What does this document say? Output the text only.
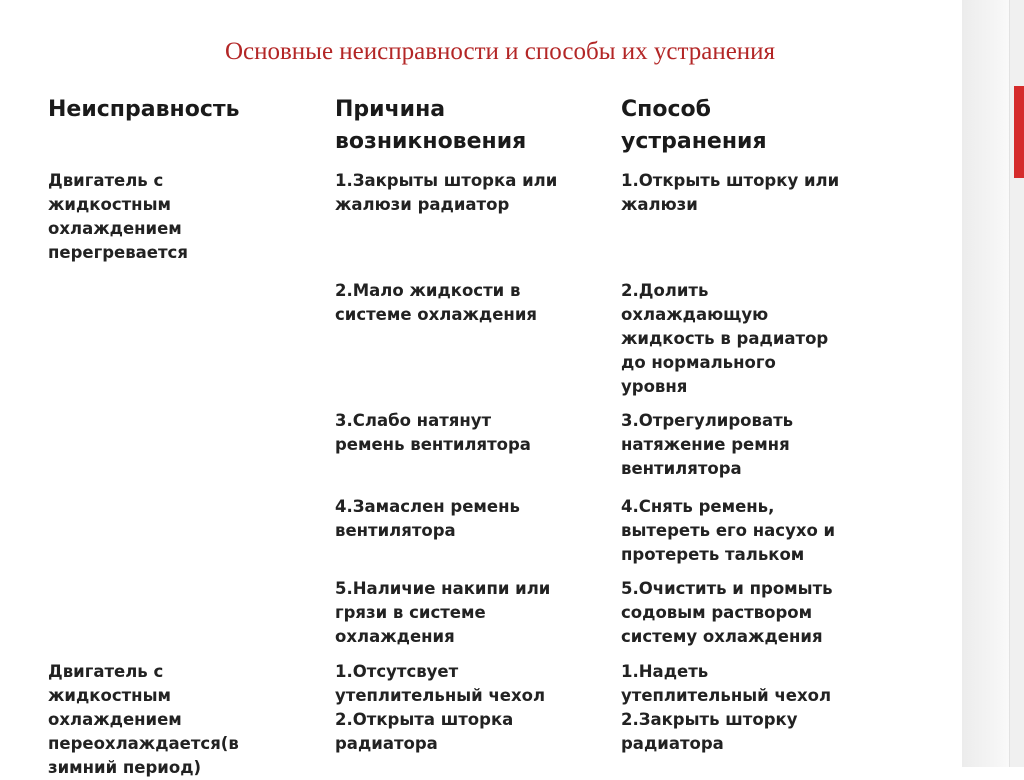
Основные неисправности и способы их устранения
Неисправность	Причина
возникновения
Способ
устранения
Двигатель с
жидкостным
охлаждением
перегревается
1.Закрыты шторка или
жалюзи радиатор
1.Открыть шторку или
жалюзи
2.Мало жидкости в
системе охлаждения
2.Долить
охлаждающую
жидкость в радиатор
до нормального
уровня
3.Слабо натянут
ремень вентилятора
3.Отрегулировать
натяжение ремня
вентилятора
4.Замаслен ремень
вентилятора
4.Снять ремень,
вытереть его насухо и
протереть тальком
5.Наличие накипи или
грязи в системе
охлаждения
5.Очистить и промыть
содовым раствором
систему охлаждения
Двигатель с
жидкостным
охлаждением
переохлаждается(в
зимний период)
1.Отсутсвует
утеплительный чехол
2.Открыта шторка
радиатора
1.Надеть
утеплительный чехол
2.Закрыть шторку
радиатора
